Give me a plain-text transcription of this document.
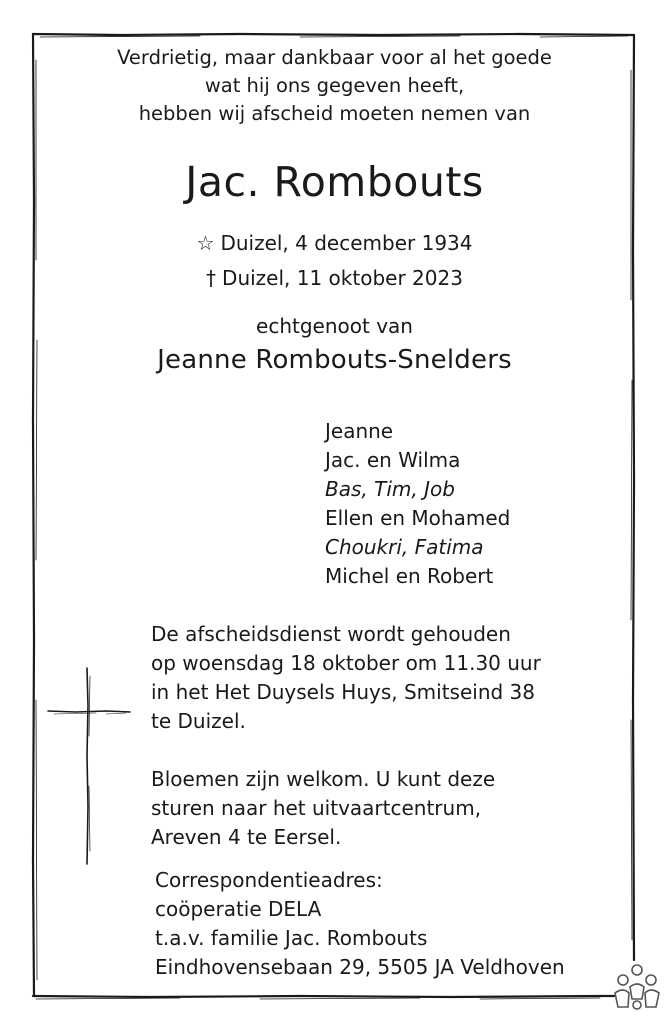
Verdrietig, maar dankbaar voor al het goede
wat hij ons gegeven heeft,
hebben wij afscheid moeten nemen van
Jac. Rombouts
☆ Duizel, 4 december 1934
† Duizel, 11 oktober 2023
echtgenoot van
Jeanne Rombouts-Snelders
Jeanne
Jac. en Wilma
Bas, Tim, Job
Ellen en Mohamed
Choukri, Fatima
Michel en Robert
De afscheidsdienst wordt gehouden
op woensdag 18 oktober om 11.30 uur
in het Het Duysels Huys, Smitseind 38
te Duizel.
Bloemen zijn welkom. U kunt deze
sturen naar het uitvaartcentrum,
Areven 4 te Eersel.
Correspondentieadres:
coöperatie DELA
t.a.v. familie Jac. Rombouts
Eindhovensebaan 29, 5505 JA Veldhoven
